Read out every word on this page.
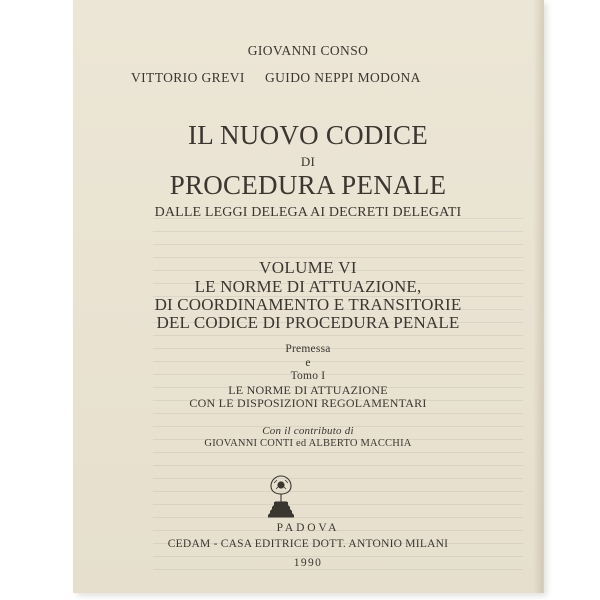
GIOVANNI CONSO
VITTORIO GREVI GUIDO NEPPI MODONA
IL NUOVO CODICE
DI
PROCEDURA PENALE
DALLE LEGGI DELEGA AI DECRETI DELEGATI
VOLUME VI
LE NORME DI ATTUAZIONE,
DI COORDINAMENTO E TRANSITORIE
DEL CODICE DI PROCEDURA PENALE
Premessa
e
Tomo I
LE NORME DI ATTUAZIONE
CON LE DISPOSIZIONI REGOLAMENTARI
Con il contributo di
GIOVANNI CONTI ed ALBERTO MACCHIA
PADOVA
CEDAM - CASA EDITRICE DOTT. ANTONIO MILANI
1990
